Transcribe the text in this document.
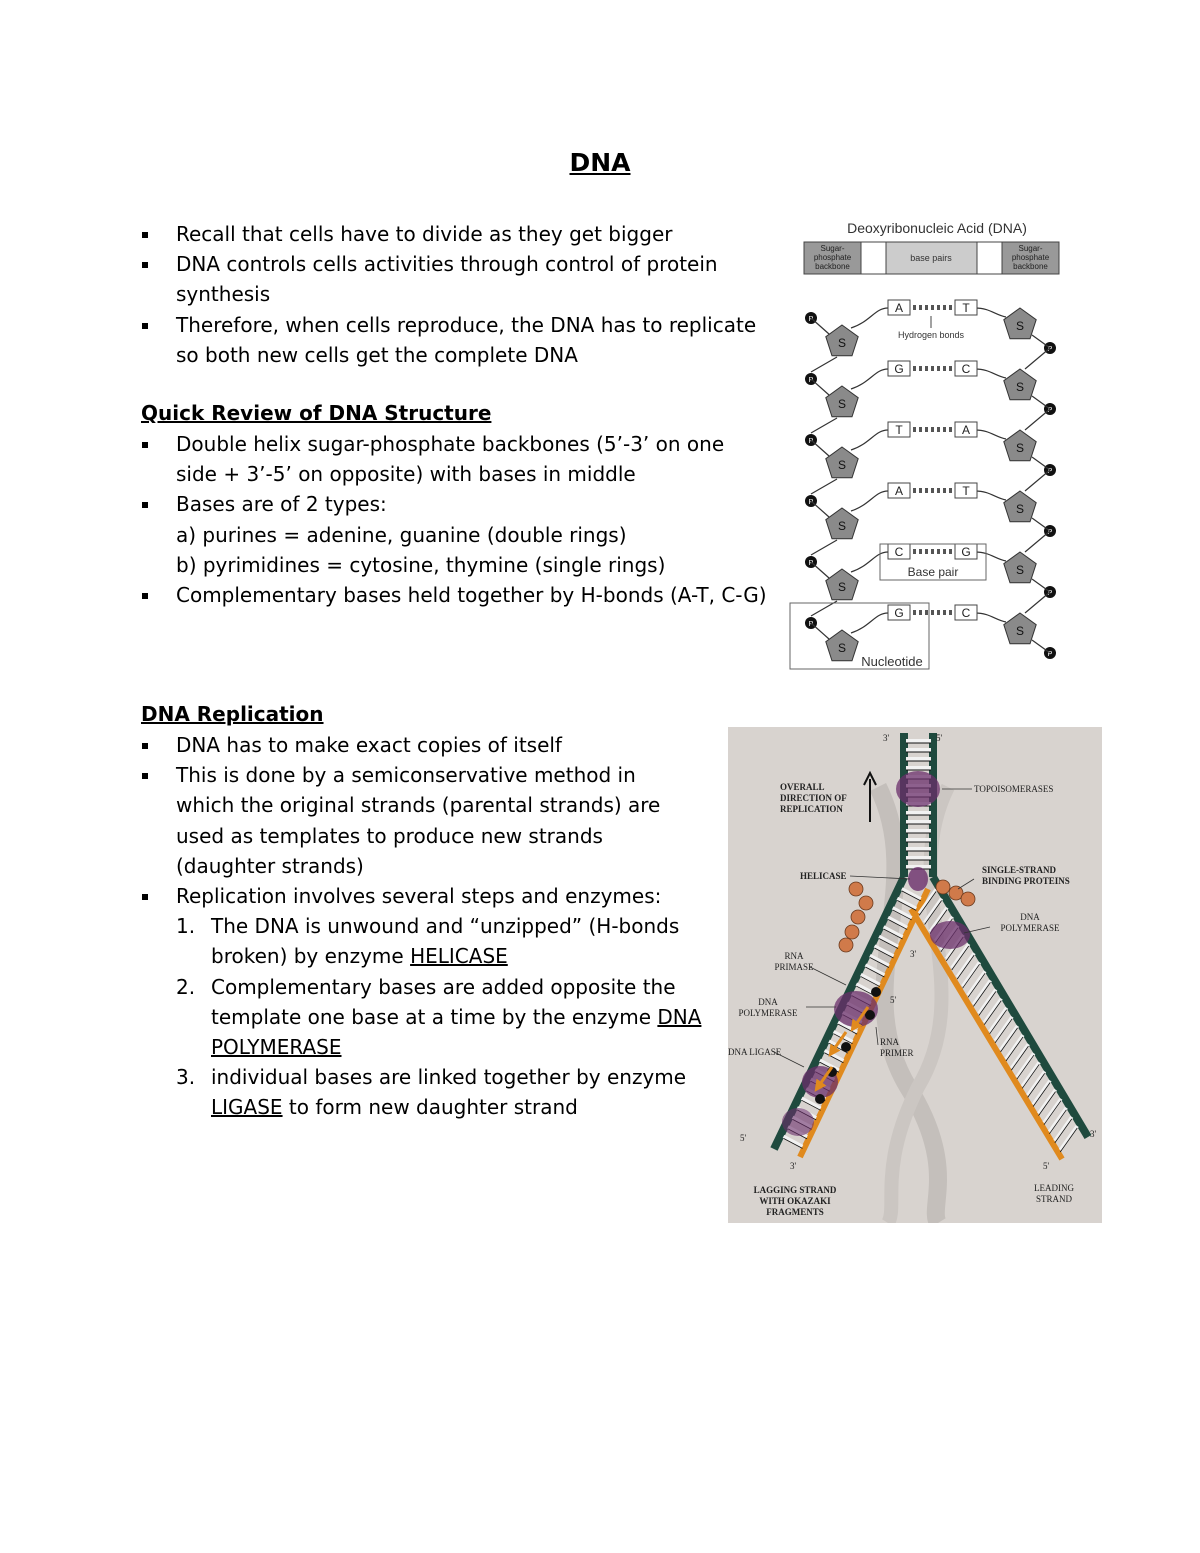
DNA
Recall that cells have to divide as they get bigger
DNA controls cells activities through control of protein synthesis
Therefore, when cells reproduce, the DNA has to replicate so both new cells get the complete DNA
Quick Review of DNA Structure
Double helix sugar-phosphate backbones (5’-3’ on one side + 3’-5’ on opposite) with bases in middle
Bases are of 2 types:
a) purines = adenine, guanine (double rings)
b) pyrimidines = cytosine, thymine (single rings)
Complementary bases held together by H-bonds (A-T, C-G)
DNA Replication
DNA has to make exact copies of itself
This is done by a semiconservative method in which the original strands (parental strands) are used as templates to produce new strands (daughter strands)
Replication involves several steps and enzymes:
1. The DNA is unwound and “unzipped” (H-bonds broken) by enzyme HELICASE
2. Complementary bases are added opposite the template one base at a time by the enzyme DNA POLYMERASE
3. individual bases are linked together by enzyme LIGASE to form new daughter strand
Deoxyribonucleic Acid (DNA)
Sugar-phosphate backbone
base pairs
Sugar-phosphate backbone
P
S
S
P
A	T
P
S
S
P
G	C
P
S
S
P
T	A
P
S
S
P
A	T
P
S
S
P
C	G
P
S
S
P
G	C
Hydrogen bonds
Base pair
Nucleotide
3'	5'
OVERALL DIRECTION OF REPLICATION
TOPOISOMERASES
HELICASE
SINGLE-STRAND BINDING PROTEINS
DNA POLYMERASE
RNA PRIMASE
DNA POLYMERASE
RNA PRIMER
DNA LIGASE
5'
3'
3'
5'
3'
5'
LAGGING STRAND WITH OKAZAKI FRAGMENTS
LEADING STRAND
